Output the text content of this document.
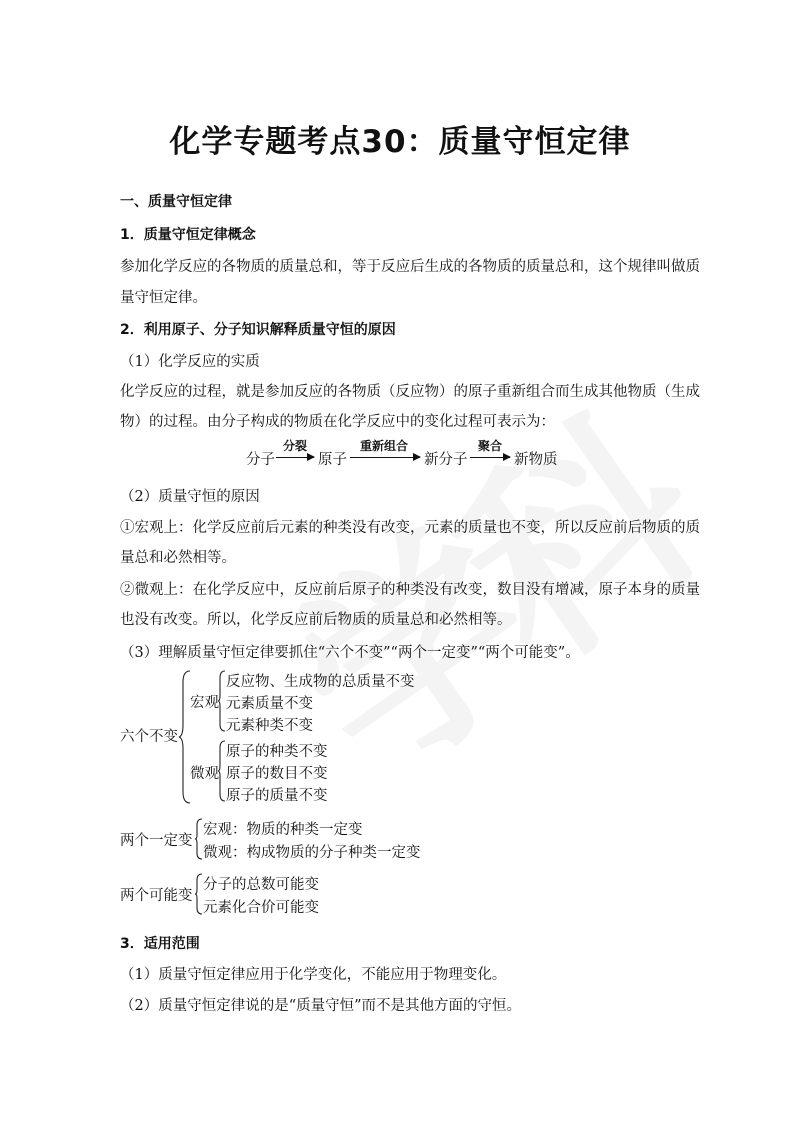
化学专题考点30：质量守恒定律
一、质量守恒定律
1．质量守恒定律概念
参加化学反应的各物质的质量总和，等于反应后生成的各物质的质量总和，这个规律叫做质
量守恒定律。
2．利用原子、分子知识解释质量守恒的原因
（1）化学反应的实质
化学反应的过程，就是参加反应的各物质（反应物）的原子重新组合而生成其他物质（生成
物）的过程。由分子构成的物质在化学反应中的变化过程可表示为：
分子
分裂
原子
重新组合
新分子
聚合
新物质
（2）质量守恒的原因
①宏观上：化学反应前后元素的种类没有改变，元素的质量也不变，所以反应前后物质的质
量总和必然相等。
②微观上：在化学反应中，反应前后原子的种类没有改变，数目没有增减，原子本身的质量
也没有改变。所以，化学反应前后物质的质量总和必然相等。
（3）理解质量守恒定律要抓住“六个不变”“两个一定变”“两个可能变”。
六个不变
宏观
反应物、生成物的总质量不变
元素质量不变
元素种类不变
微观
原子的种类不变
原子的数目不变
原子的质量不变
两个一定变
宏观：物质的种类一定变
微观：构成物质的分子种类一定变
两个可能变
分子的总数可能变
元素化合价可能变
3．适用范围
（1）质量守恒定律应用于化学变化，不能应用于物理变化。
（2）质量守恒定律说的是“质量守恒”而不是其他方面的守恒。
